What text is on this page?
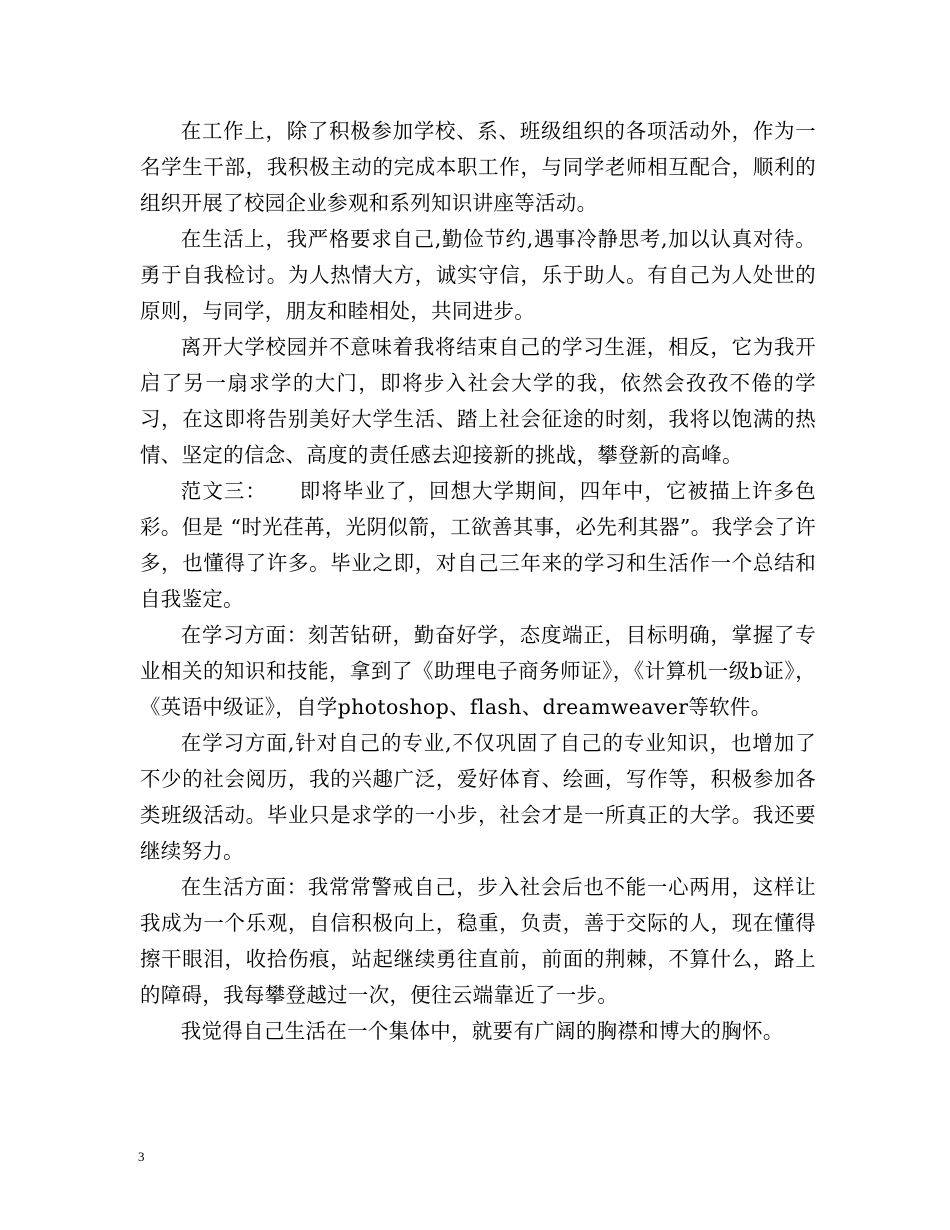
在工作上，除了积极参加学校、系、班级组织的各项活动外，作为一名学生干部，我积极主动的完成本职工作，与同学老师相互配合，顺利的组织开展了校园企业参观和系列知识讲座等活动。

在生活上，我严格要求自己,勤俭节约,遇事冷静思考,加以认真对待。勇于自我检讨。为人热情大方，诚实守信，乐于助人。有自己为人处世的原则，与同学，朋友和睦相处，共同进步。

离开大学校园并不意味着我将结束自己的学习生涯，相反，它为我开启了另一扇求学的大门，即将步入社会大学的我，依然会孜孜不倦的学习，在这即将告别美好大学生活、踏上社会征途的时刻，我将以饱满的热情、坚定的信念、高度的责任感去迎接新的挑战，攀登新的高峰。

范文三：　　即将毕业了，回想大学期间，四年中，它被描上许多色彩。但是 “时光荏苒，光阴似箭，工欲善其事，必先利其器”。我学会了许多，也懂得了许多。毕业之即，对自己三年来的学习和生活作一个总结和自我鉴定。

在学习方面：刻苦钻研，勤奋好学，态度端正，目标明确，掌握了专业相关的知识和技能，拿到了《助理电子商务师证》，《计算机一级b证》，《英语中级证》，自学photoshop、flash、dreamweaver等软件。

在学习方面,针对自己的专业,不仅巩固了自己的专业知识，也增加了不少的社会阅历，我的兴趣广泛，爱好体育、绘画，写作等，积极参加各类班级活动。毕业只是求学的一小步，社会才是一所真正的大学。我还要继续努力。

在生活方面：我常常警戒自己，步入社会后也不能一心两用，这样让我成为一个乐观，自信积极向上，稳重，负责，善于交际的人，现在懂得擦干眼泪，收拾伤痕，站起继续勇往直前，前面的荆棘，不算什么，路上的障碍，我每攀登越过一次，便往云端靠近了一步。

我觉得自己生活在一个集体中，就要有广阔的胸襟和博大的胸怀。

3
